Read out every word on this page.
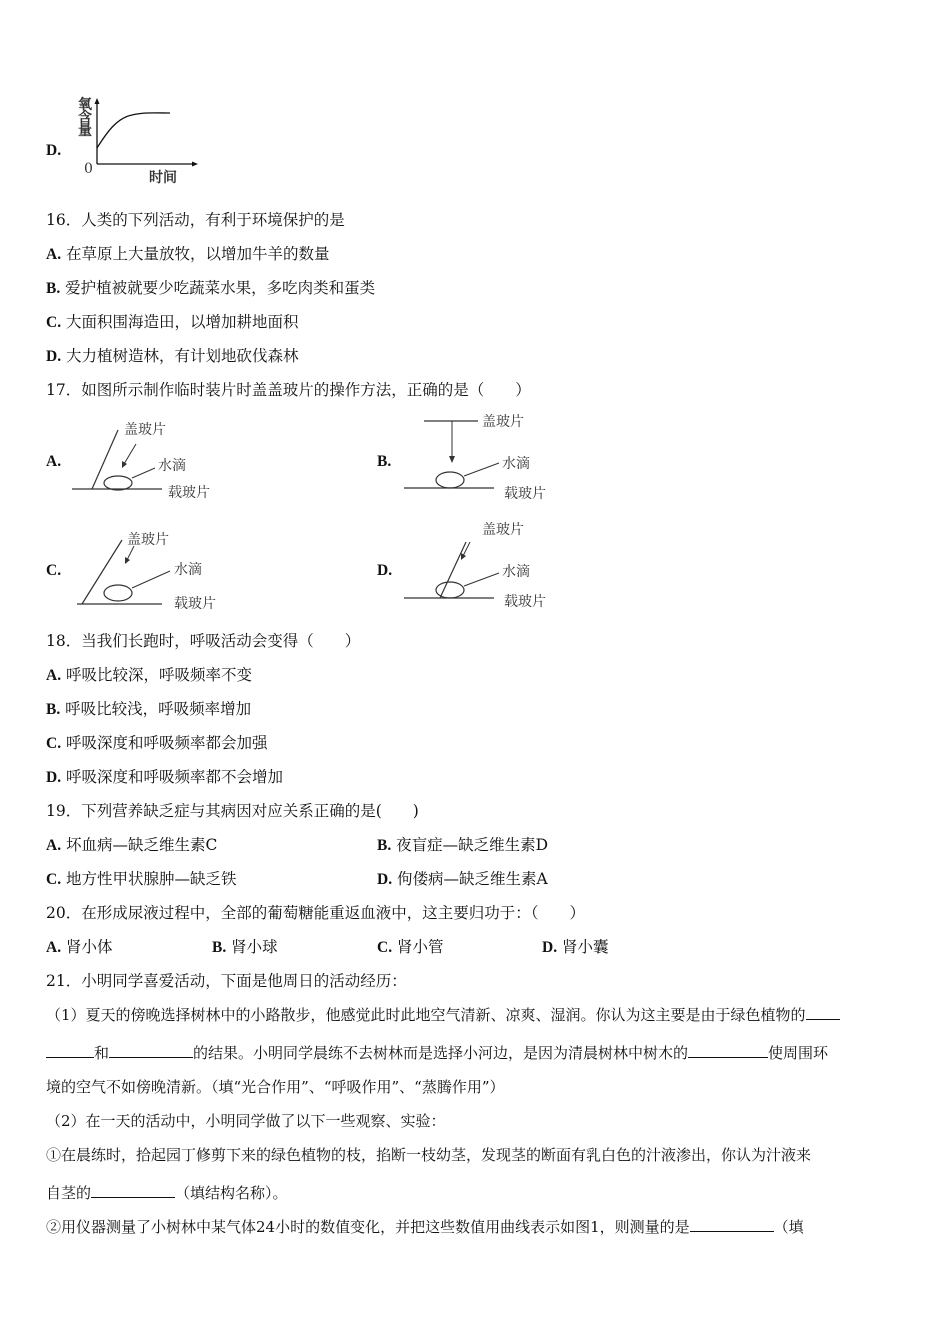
D.
氧
含
量
0
时间
16．人类的下列活动，有利于环境保护的是
A. 在草原上大量放牧，以增加牛羊的数量
B. 爱护植被就要少吃蔬菜水果，多吃肉类和蛋类
C. 大面积围海造田，以增加耕地面积
D. 大力植树造林，有计划地砍伐森林
17．如图所示制作临时装片时盖盖玻片的操作方法，正确的是（　　）
A.
盖玻片
水滴
载玻片
B.
盖玻片
水滴
载玻片
C.
盖玻片
水滴
载玻片
D.
盖玻片
水滴
载玻片
18．当我们长跑时，呼吸活动会变得（　　）
A. 呼吸比较深，呼吸频率不变
B. 呼吸比较浅，呼吸频率增加
C. 呼吸深度和呼吸频率都会加强
D. 呼吸深度和呼吸频率都不会增加
19．下列营养缺乏症与其病因对应关系正确的是(　　)
A. 坏血病—缺乏维生素C	B. 夜盲症—缺乏维生素D
C. 地方性甲状腺肿—缺乏铁	D. 佝偻病—缺乏维生素A
20．在形成尿液过程中，全部的葡萄糖能重返血液中，这主要归功于：（　　）
A. 肾小体	B. 肾小球	C. 肾小管	D. 肾小囊
21．小明同学喜爱活动，下面是他周日的活动经历：
（1）夏天的傍晚选择树林中的小路散步，他感觉此时此地空气清新、凉爽、湿润。你认为这主要是由于绿色植物的
和	的结果。小明同学晨练不去树林而是选择小河边，是因为清晨树林中树木的	使周围环
境的空气不如傍晚清新。（填“光合作用”、“呼吸作用”、“蒸腾作用”）
（2）在一天的活动中，小明同学做了以下一些观察、实验：
①在晨练时，拾起园丁修剪下来的绿色植物的枝，掐断一枝幼茎，发现茎的断面有乳白色的汁液渗出，你认为汁液来
自茎的	（填结构名称）。
②用仪器测量了小树林中某气体24小时的数值变化，并把这些数值用曲线表示如图1，则测量的是	（填
